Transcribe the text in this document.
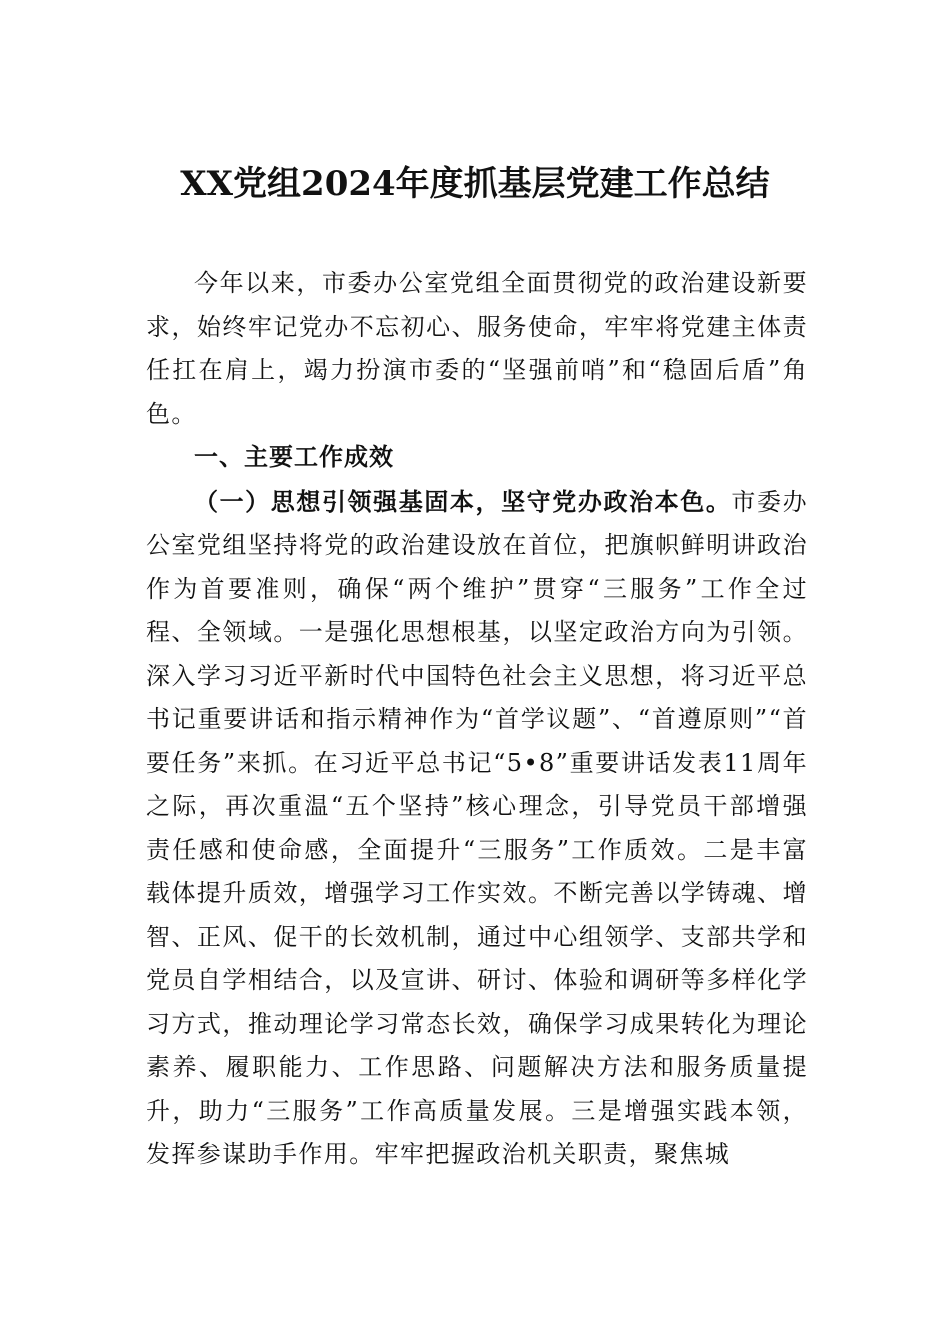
XX党组2024年度抓基层党建工作总结

今年以来，市委办公室党组全面贯彻党的政治建设新要求，始终牢记党办不忘初心、服务使命，牢牢将党建主体责任扛在肩上，竭力扮演市委的“坚强前哨”和“稳固后盾”角色。

一、主要工作成效

（一）思想引领强基固本，坚守党办政治本色。市委办公室党组坚持将党的政治建设放在首位，把旗帜鲜明讲政治作为首要准则，确保“两个维护”贯穿“三服务”工作全过程、全领域。一是强化思想根基，以坚定政治方向为引领。深入学习习近平新时代中国特色社会主义思想，将习近平总书记重要讲话和指示精神作为“首学议题”、“首遵原则”“首要任务”来抓。在习近平总书记“5•8”重要讲话发表11周年之际，再次重温“五个坚持”核心理念，引导党员干部增强责任感和使命感，全面提升“三服务”工作质效。二是丰富载体提升质效，增强学习工作实效。不断完善以学铸魂、增智、正风、促干的长效机制，通过中心组领学、支部共学和党员自学相结合，以及宣讲、研讨、体验和调研等多样化学习方式，推动理论学习常态长效，确保学习成果转化为理论素养、履职能力、工作思路、问题解决方法和服务质量提升，助力“三服务”工作高质量发展。三是增强实践本领，发挥参谋助手作用。牢牢把握政治机关职责，聚焦城
